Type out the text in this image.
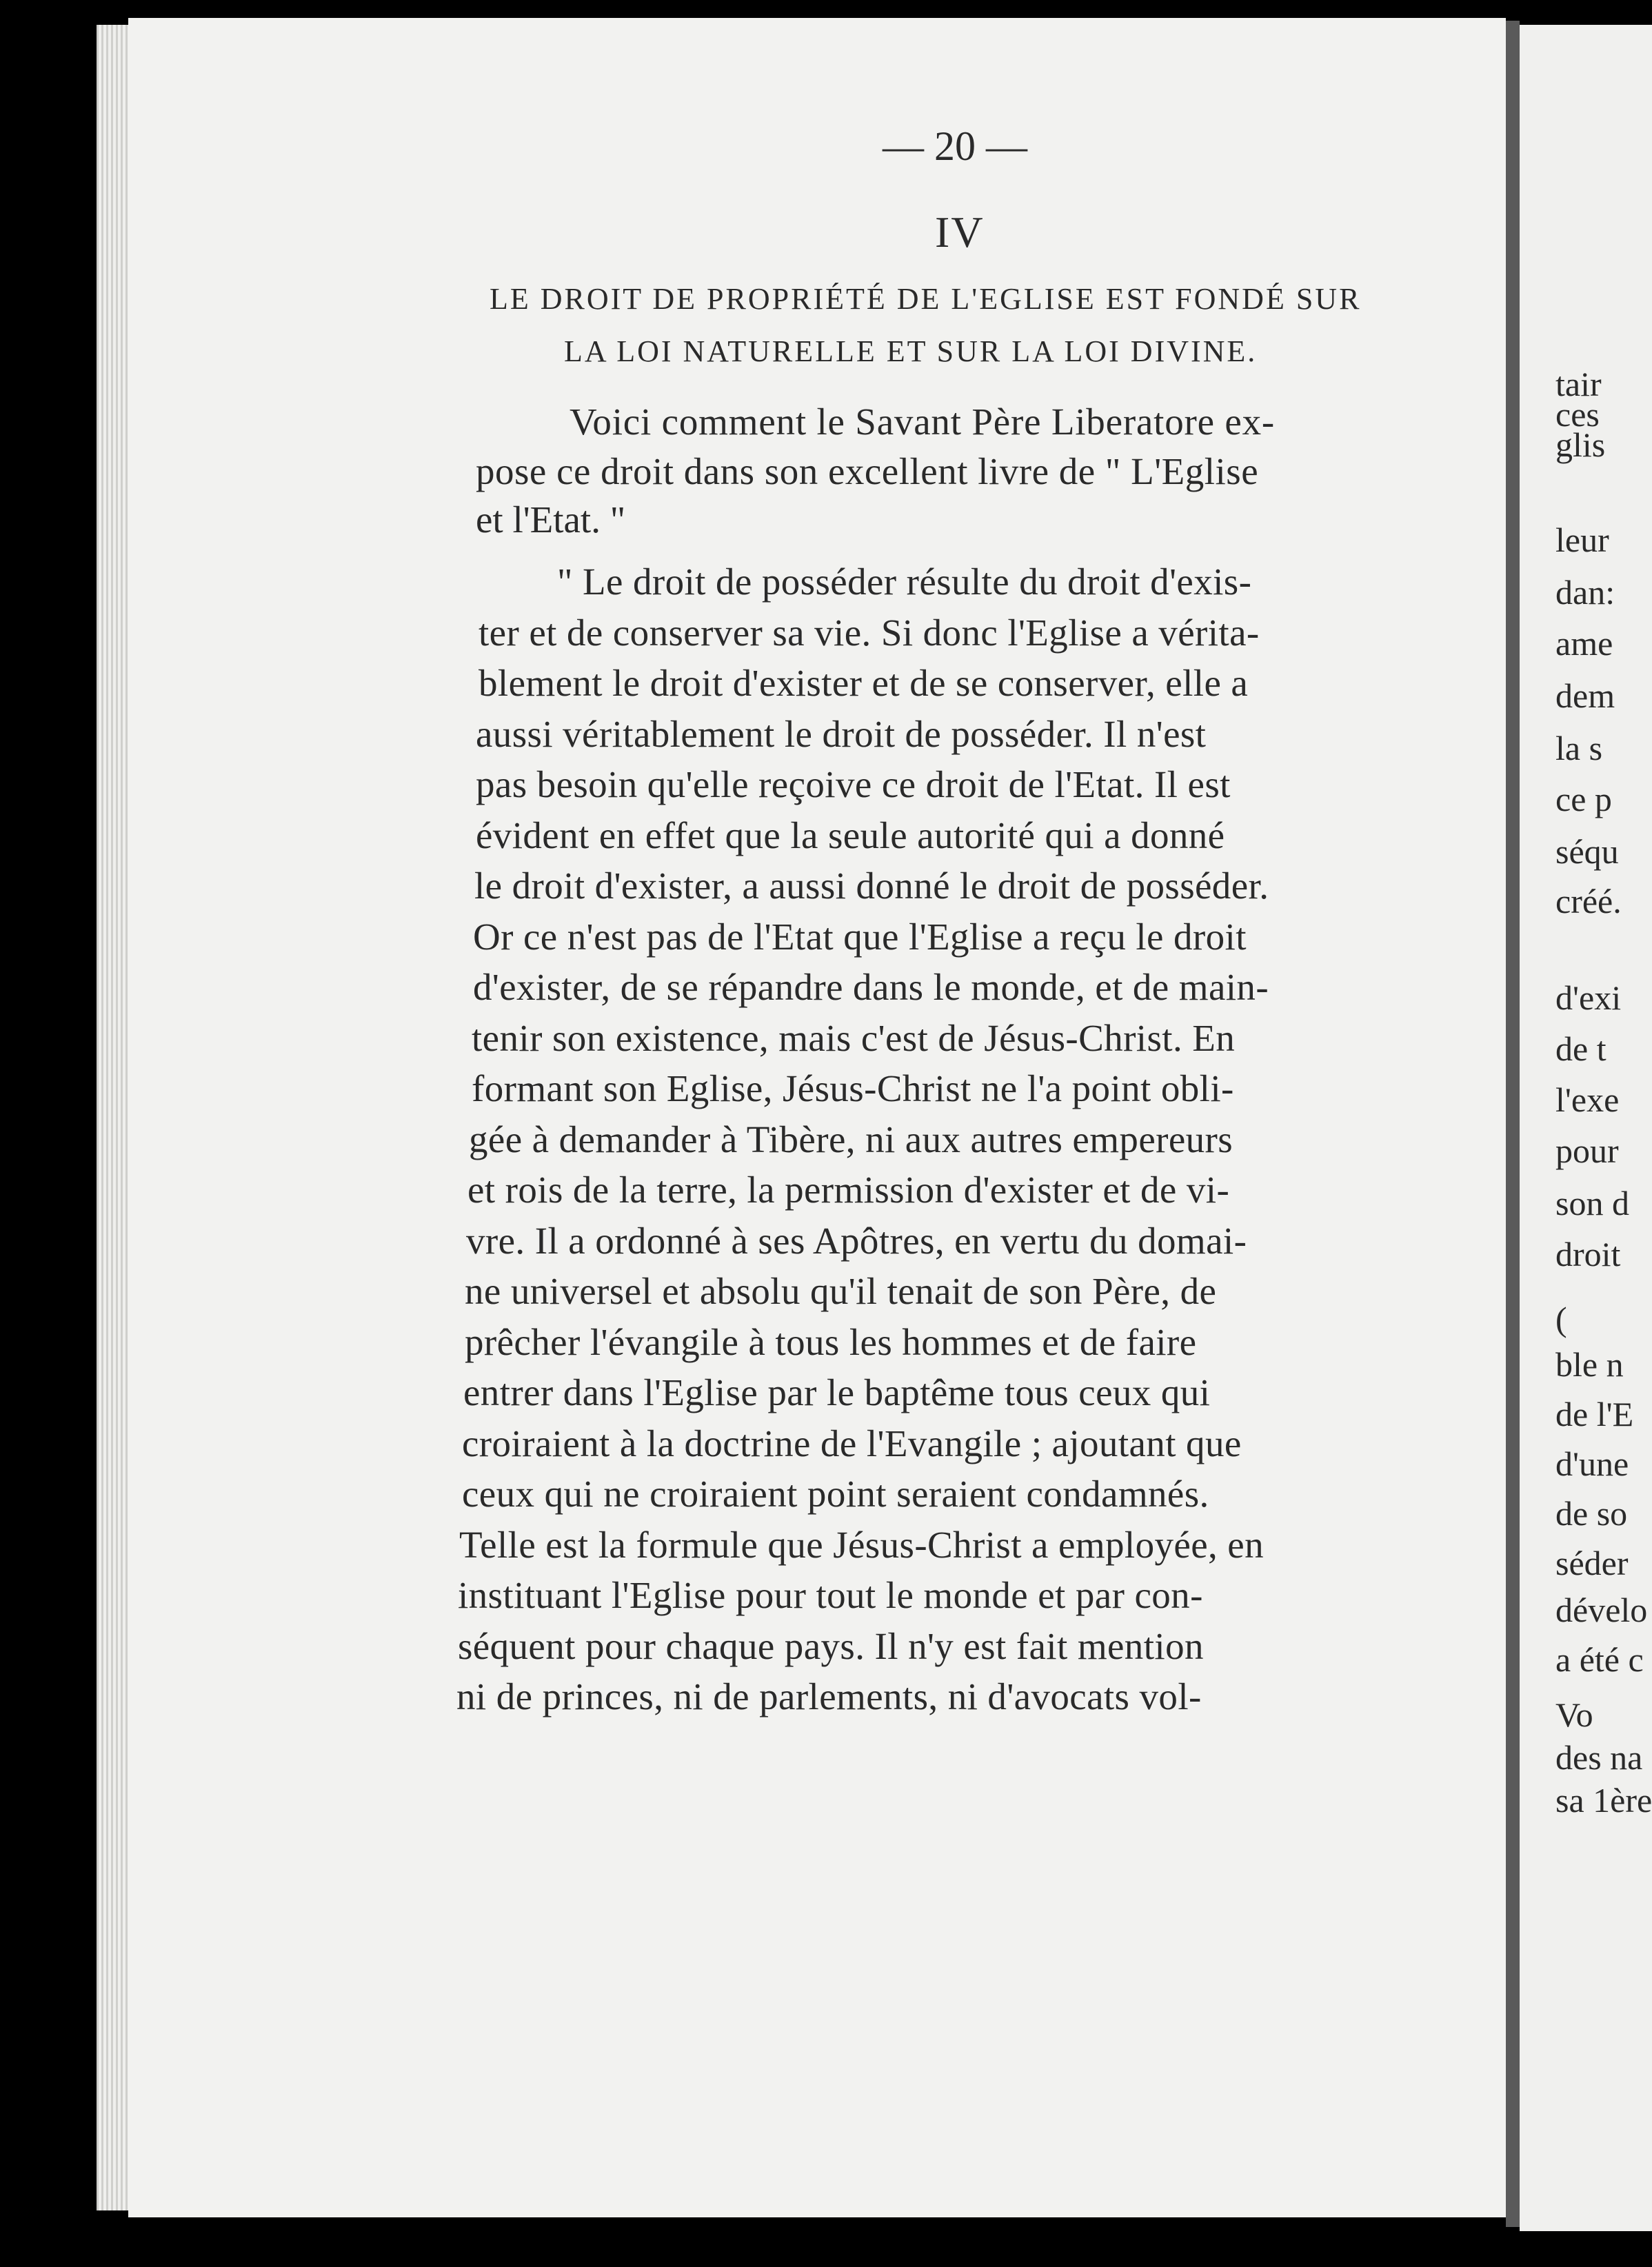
— 20 —
IV
LE DROIT DE PROPRIÉTÉ DE L'EGLISE EST FONDÉ SUR
LA LOI NATURELLE ET SUR LA LOI DIVINE.
Voici comment le Savant Père Liberatore ex-
pose ce droit dans son excellent livre de " L'Eglise
et l'Etat. "
" Le droit de posséder résulte du droit d'exis-
ter et de conserver sa vie. Si donc l'Eglise a vérita-
blement le droit d'exister et de se conserver, elle a
aussi véritablement le droit de posséder. Il n'est
pas besoin qu'elle reçoive ce droit de l'Etat. Il est
évident en effet que la seule autorité qui a donné
le droit d'exister, a aussi donné le droit de posséder.
Or ce n'est pas de l'Etat que l'Eglise a reçu le droit
d'exister, de se répandre dans le monde, et de main-
tenir son existence, mais c'est de Jésus-Christ. En
formant son Eglise, Jésus-Christ ne l'a point obli-
gée à demander à Tibère, ni aux autres empereurs
et rois de la terre, la permission d'exister et de vi-
vre. Il a ordonné à ses Apôtres, en vertu du domai-
ne universel et absolu qu'il tenait de son Père, de
prêcher l'évangile à tous les hommes et de faire
entrer dans l'Eglise par le baptême tous ceux qui
croiraient à la doctrine de l'Evangile ; ajoutant que
ceux qui ne croiraient point seraient condamnés.
Telle est la formule que Jésus-Christ a employée, en
instituant l'Eglise pour tout le monde et par con-
séquent pour chaque pays. Il n'y est fait mention
ni de princes, ni de parlements, ni d'avocats vol-
tair
ces
glis
leur
dan:
ame
dem
la s
ce p
séqu
créé.
d'exi
de t
l'exe
pour
son d
droit
(
ble n
de l'E
d'une
de so
séder
dévelo
a été c
Vo
des na
sa 1ère
